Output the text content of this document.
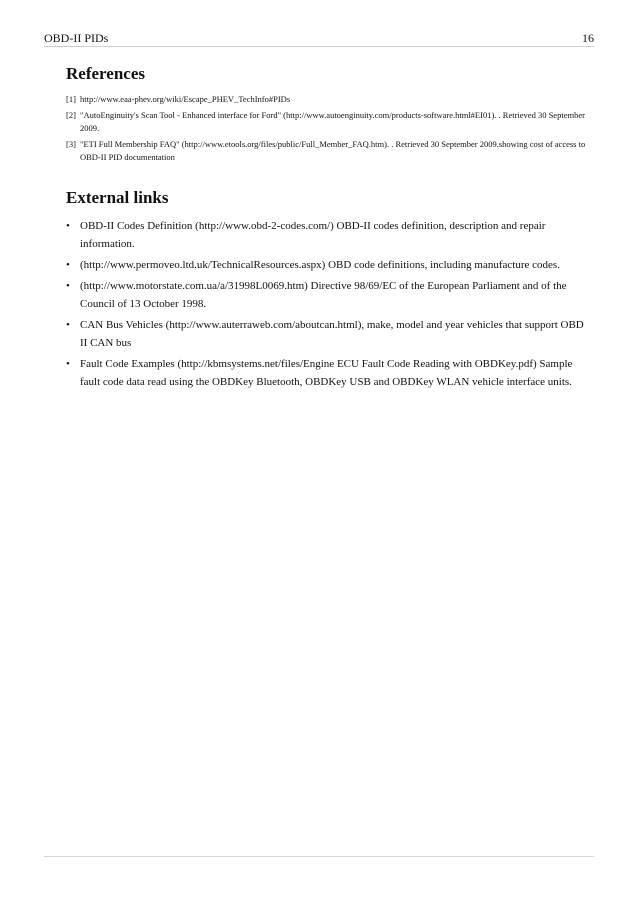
OBD-II PIDs	16
References
[1] http://www.eaa-phev.org/wiki/Escape_PHEV_TechInfo#PIDs
[2] "AutoEnginuity's Scan Tool - Enhanced interface for Ford" (http://www.autoenginuity.com/products-software.html#EI01). . Retrieved 30 September 2009.
[3] "ETI Full Membership FAQ" (http://www.etools.org/files/public/Full_Member_FAQ.htm). . Retrieved 30 September 2009.showing cost of access to OBD-II PID documentation
External links
• OBD-II Codes Definition (http://www.obd-2-codes.com/) OBD-II codes definition, description and repair information.
• (http://www.permoveo.ltd.uk/TechnicalResources.aspx) OBD code definitions, including manufacture codes.
• (http://www.motorstate.com.ua/a/31998L0069.htm) Directive 98/69/EC of the European Parliament and of the Council of 13 October 1998.
• CAN Bus Vehicles (http://www.auterraweb.com/aboutcan.html), make, model and year vehicles that support OBD II CAN bus
• Fault Code Examples (http://kbmsystems.net/files/Engine ECU Fault Code Reading with OBDKey.pdf) Sample fault code data read using the OBDKey Bluetooth, OBDKey USB and OBDKey WLAN vehicle interface units.
